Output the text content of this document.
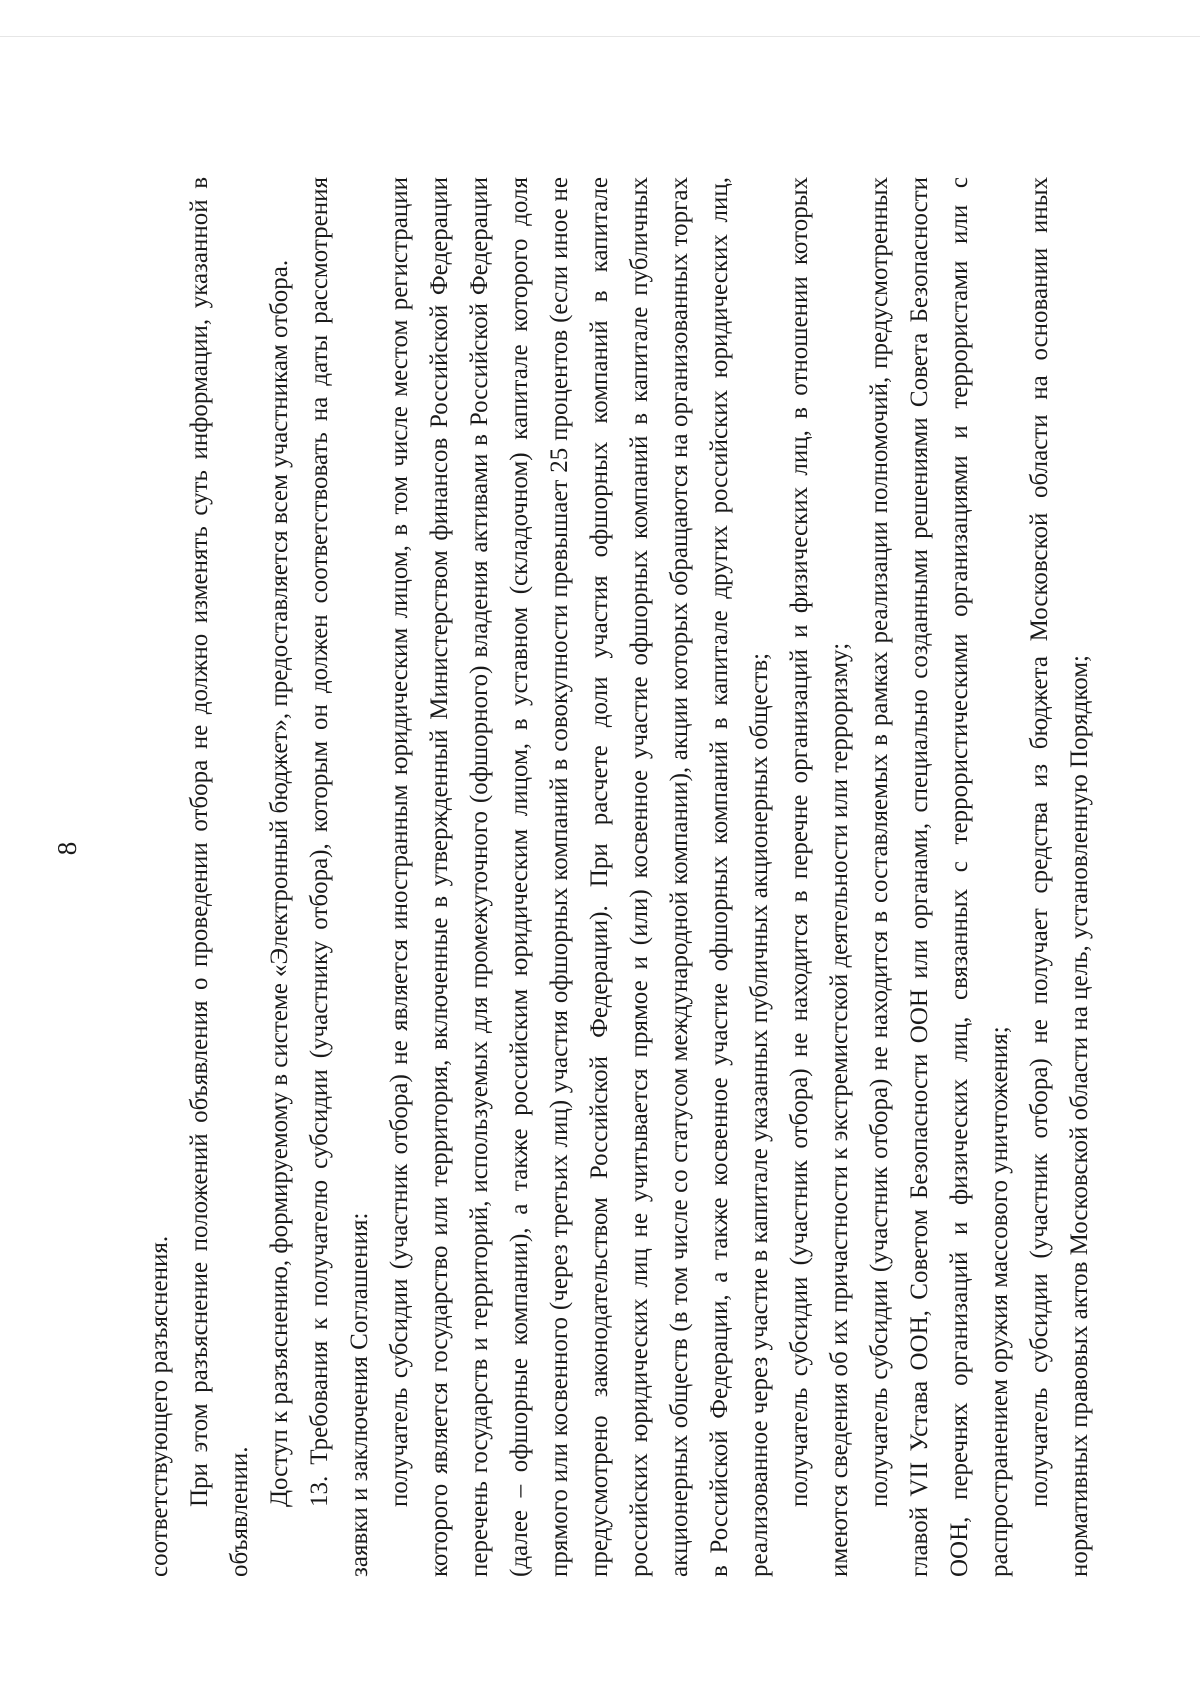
8

соответствующего разъяснения. При этом разъяснение положений объявления о проведении отбора не должно изменять суть информации, указанной в объявлении.

Доступ к разъяснению, формируемому в системе «Электронный бюджет», предоставляется всем участникам отбора. 13. Требования к получателю субсидии (участнику отбора), которым он должен соответствовать на даты рассмотрения заявки и заключения Соглашения: получатель субсидии (участник отбора) не является иностранным юридическим лицом, в том числе местом регистрации которого является государство или территория, включенные в утвержденный Министерством финансов Российской Федерации перечень государств и территорий, используемых для промежуточного (офшорного) владения активами в Российской Федерации (далее – офшорные компании), а также российским юридическим лицом, в уставном (складочном) капитале которого доля прямого или косвенного (через третьих лиц) участия офшорных компаний в совокупности превышает 25 процентов (если иное не предусмотрено законодательством Российской Федерации). При расчете доли участия офшорных компаний в капитале российских юридических лиц не учитывается прямое и (или) косвенное участие офшорных компаний в капитале публичных акционерных обществ (в том числе со статусом международной компании), акции которых обращаются на организованных торгах в Российской Федерации, а также косвенное участие офшорных компаний в капитале других российских юридических лиц, реализованное через участие в капитале указанных публичных акционерных обществ; получатель субсидии (участник отбора) не находится в перечне организаций и физических лиц, в отношении которых имеются сведения об их причастности к экстремистской деятельности или терроризму; получатель субсидии (участник отбора) не находится в составляемых в рамках реализации полномочий, предусмотренных главой VII Устава ООН, Советом Безопасности ООН или органами, специально созданными решениями Совета Безопасности ООН, перечнях организаций и физических лиц, связанных с террористическими организациями и террористами или с распространением оружия массового уничтожения; получатель субсидии (участник отбора) не получает средства из бюджета Московской области на основании иных нормативных правовых актов Московской области на цель, установленную Порядком;
